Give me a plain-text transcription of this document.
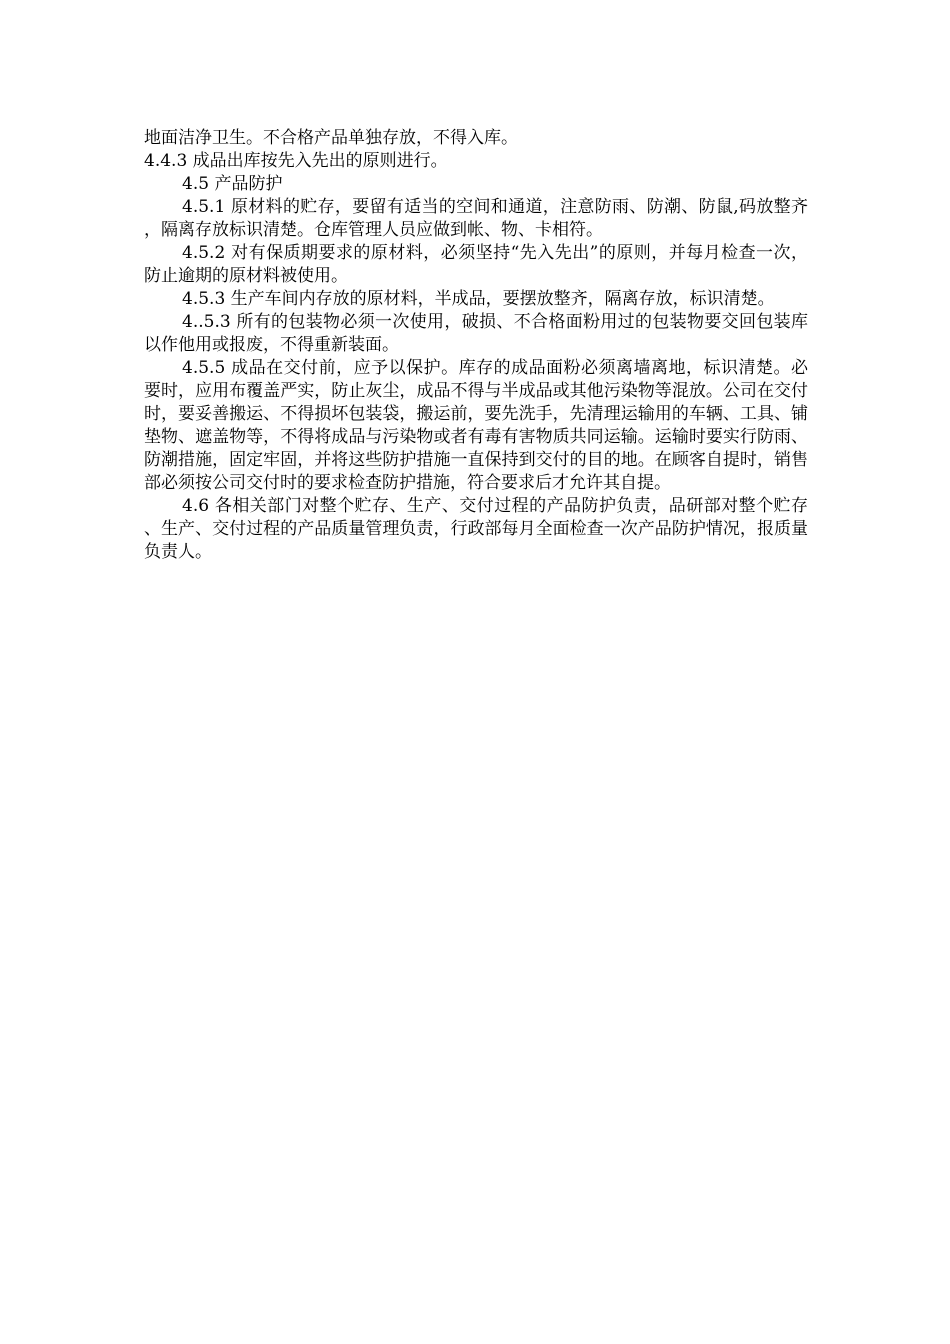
地面洁净卫生。不合格产品单独存放，不得入库。

4.4.3 成品出库按先入先出的原则进行。

4.5 产品防护

4.5.1 原材料的贮存，要留有适当的空间和通道，注意防雨、防潮、防鼠,码放整齐，隔离存放标识清楚。仓库管理人员应做到帐、物、卡相符。

4.5.2 对有保质期要求的原材料，必须坚持“先入先出”的原则，并每月检查一次，防止逾期的原材料被使用。

4.5.3 生产车间内存放的原材料，半成品，要摆放整齐，隔离存放，标识清楚。

4..5.3 所有的包装物必须一次使用，破损、不合格面粉用过的包装物要交回包装库以作他用或报废，不得重新装面。

4.5.5 成品在交付前，应予以保护。库存的成品面粉必须离墙离地，标识清楚。必要时，应用布覆盖严实，防止灰尘，成品不得与半成品或其他污染物等混放。公司在交付时，要妥善搬运、不得损坏包装袋，搬运前，要先洗手，先清理运输用的车辆、工具、铺垫物、遮盖物等，不得将成品与污染物或者有毒有害物质共同运输。运输时要实行防雨、防潮措施，固定牢固，并将这些防护措施一直保持到交付的目的地。在顾客自提时，销售部必须按公司交付时的要求检查防护措施，符合要求后才允许其自提。

4.6 各相关部门对整个贮存、生产、交付过程的产品防护负责，品研部对整个贮存、生产、交付过程的产品质量管理负责，行政部每月全面检查一次产品防护情况，报质量负责人。
